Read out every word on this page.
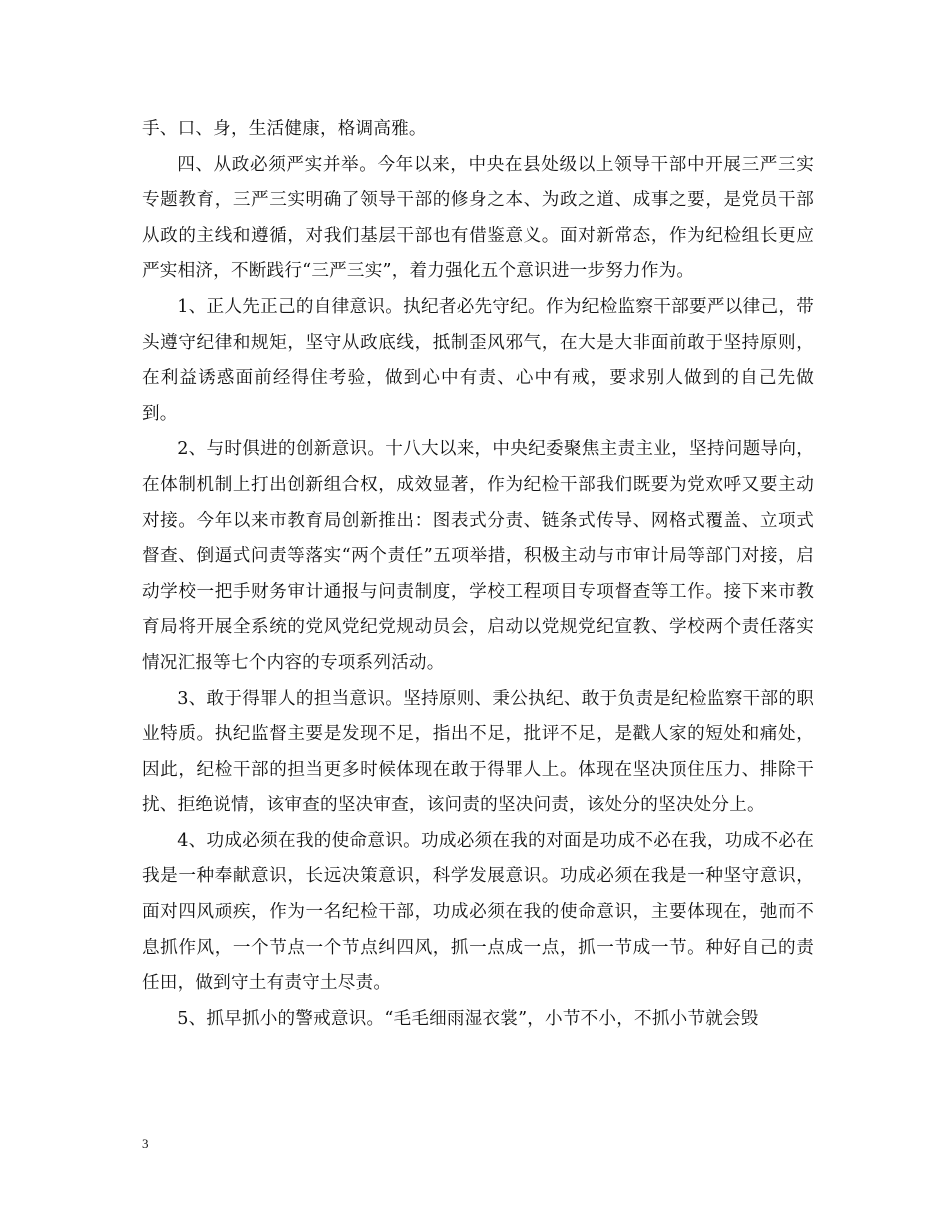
手、口、身，生活健康，格调高雅。

四、从政必须严实并举。今年以来，中央在县处级以上领导干部中开展三严三实专题教育，三严三实明确了领导干部的修身之本、为政之道、成事之要，是党员干部从政的主线和遵循，对我们基层干部也有借鉴意义。面对新常态，作为纪检组长更应严实相济，不断践行“三严三实”，着力强化五个意识进一步努力作为。

1、正人先正己的自律意识。执纪者必先守纪。作为纪检监察干部要严以律己，带头遵守纪律和规矩，坚守从政底线，抵制歪风邪气，在大是大非面前敢于坚持原则，在利益诱惑面前经得住考验，做到心中有责、心中有戒，要求别人做到的自己先做到。

2、与时俱进的创新意识。十八大以来，中央纪委聚焦主责主业，坚持问题导向，在体制机制上打出创新组合权，成效显著，作为纪检干部我们既要为党欢呼又要主动对接。今年以来市教育局创新推出：图表式分责、链条式传导、网格式覆盖、立项式督查、倒逼式问责等落实“两个责任”五项举措，积极主动与市审计局等部门对接，启动学校一把手财务审计通报与问责制度，学校工程项目专项督查等工作。接下来市教育局将开展全系统的党风党纪党规动员会，启动以党规党纪宣教、学校两个责任落实情况汇报等七个内容的专项系列活动。

3、敢于得罪人的担当意识。坚持原则、秉公执纪、敢于负责是纪检监察干部的职业特质。执纪监督主要是发现不足，指出不足，批评不足，是戳人家的短处和痛处，因此，纪检干部的担当更多时候体现在敢于得罪人上。体现在坚决顶住压力、排除干扰、拒绝说情，该审查的坚决审查，该问责的坚决问责，该处分的坚决处分上。

4、功成必须在我的使命意识。功成必须在我的对面是功成不必在我，功成不必在我是一种奉献意识，长远决策意识，科学发展意识。功成必须在我是一种坚守意识，面对四风顽疾，作为一名纪检干部，功成必须在我的使命意识，主要体现在，弛而不息抓作风，一个节点一个节点纠四风，抓一点成一点，抓一节成一节。种好自己的责任田，做到守土有责守土尽责。

5、抓早抓小的警戒意识。“毛毛细雨湿衣裳”，小节不小，不抓小节就会毁

3
